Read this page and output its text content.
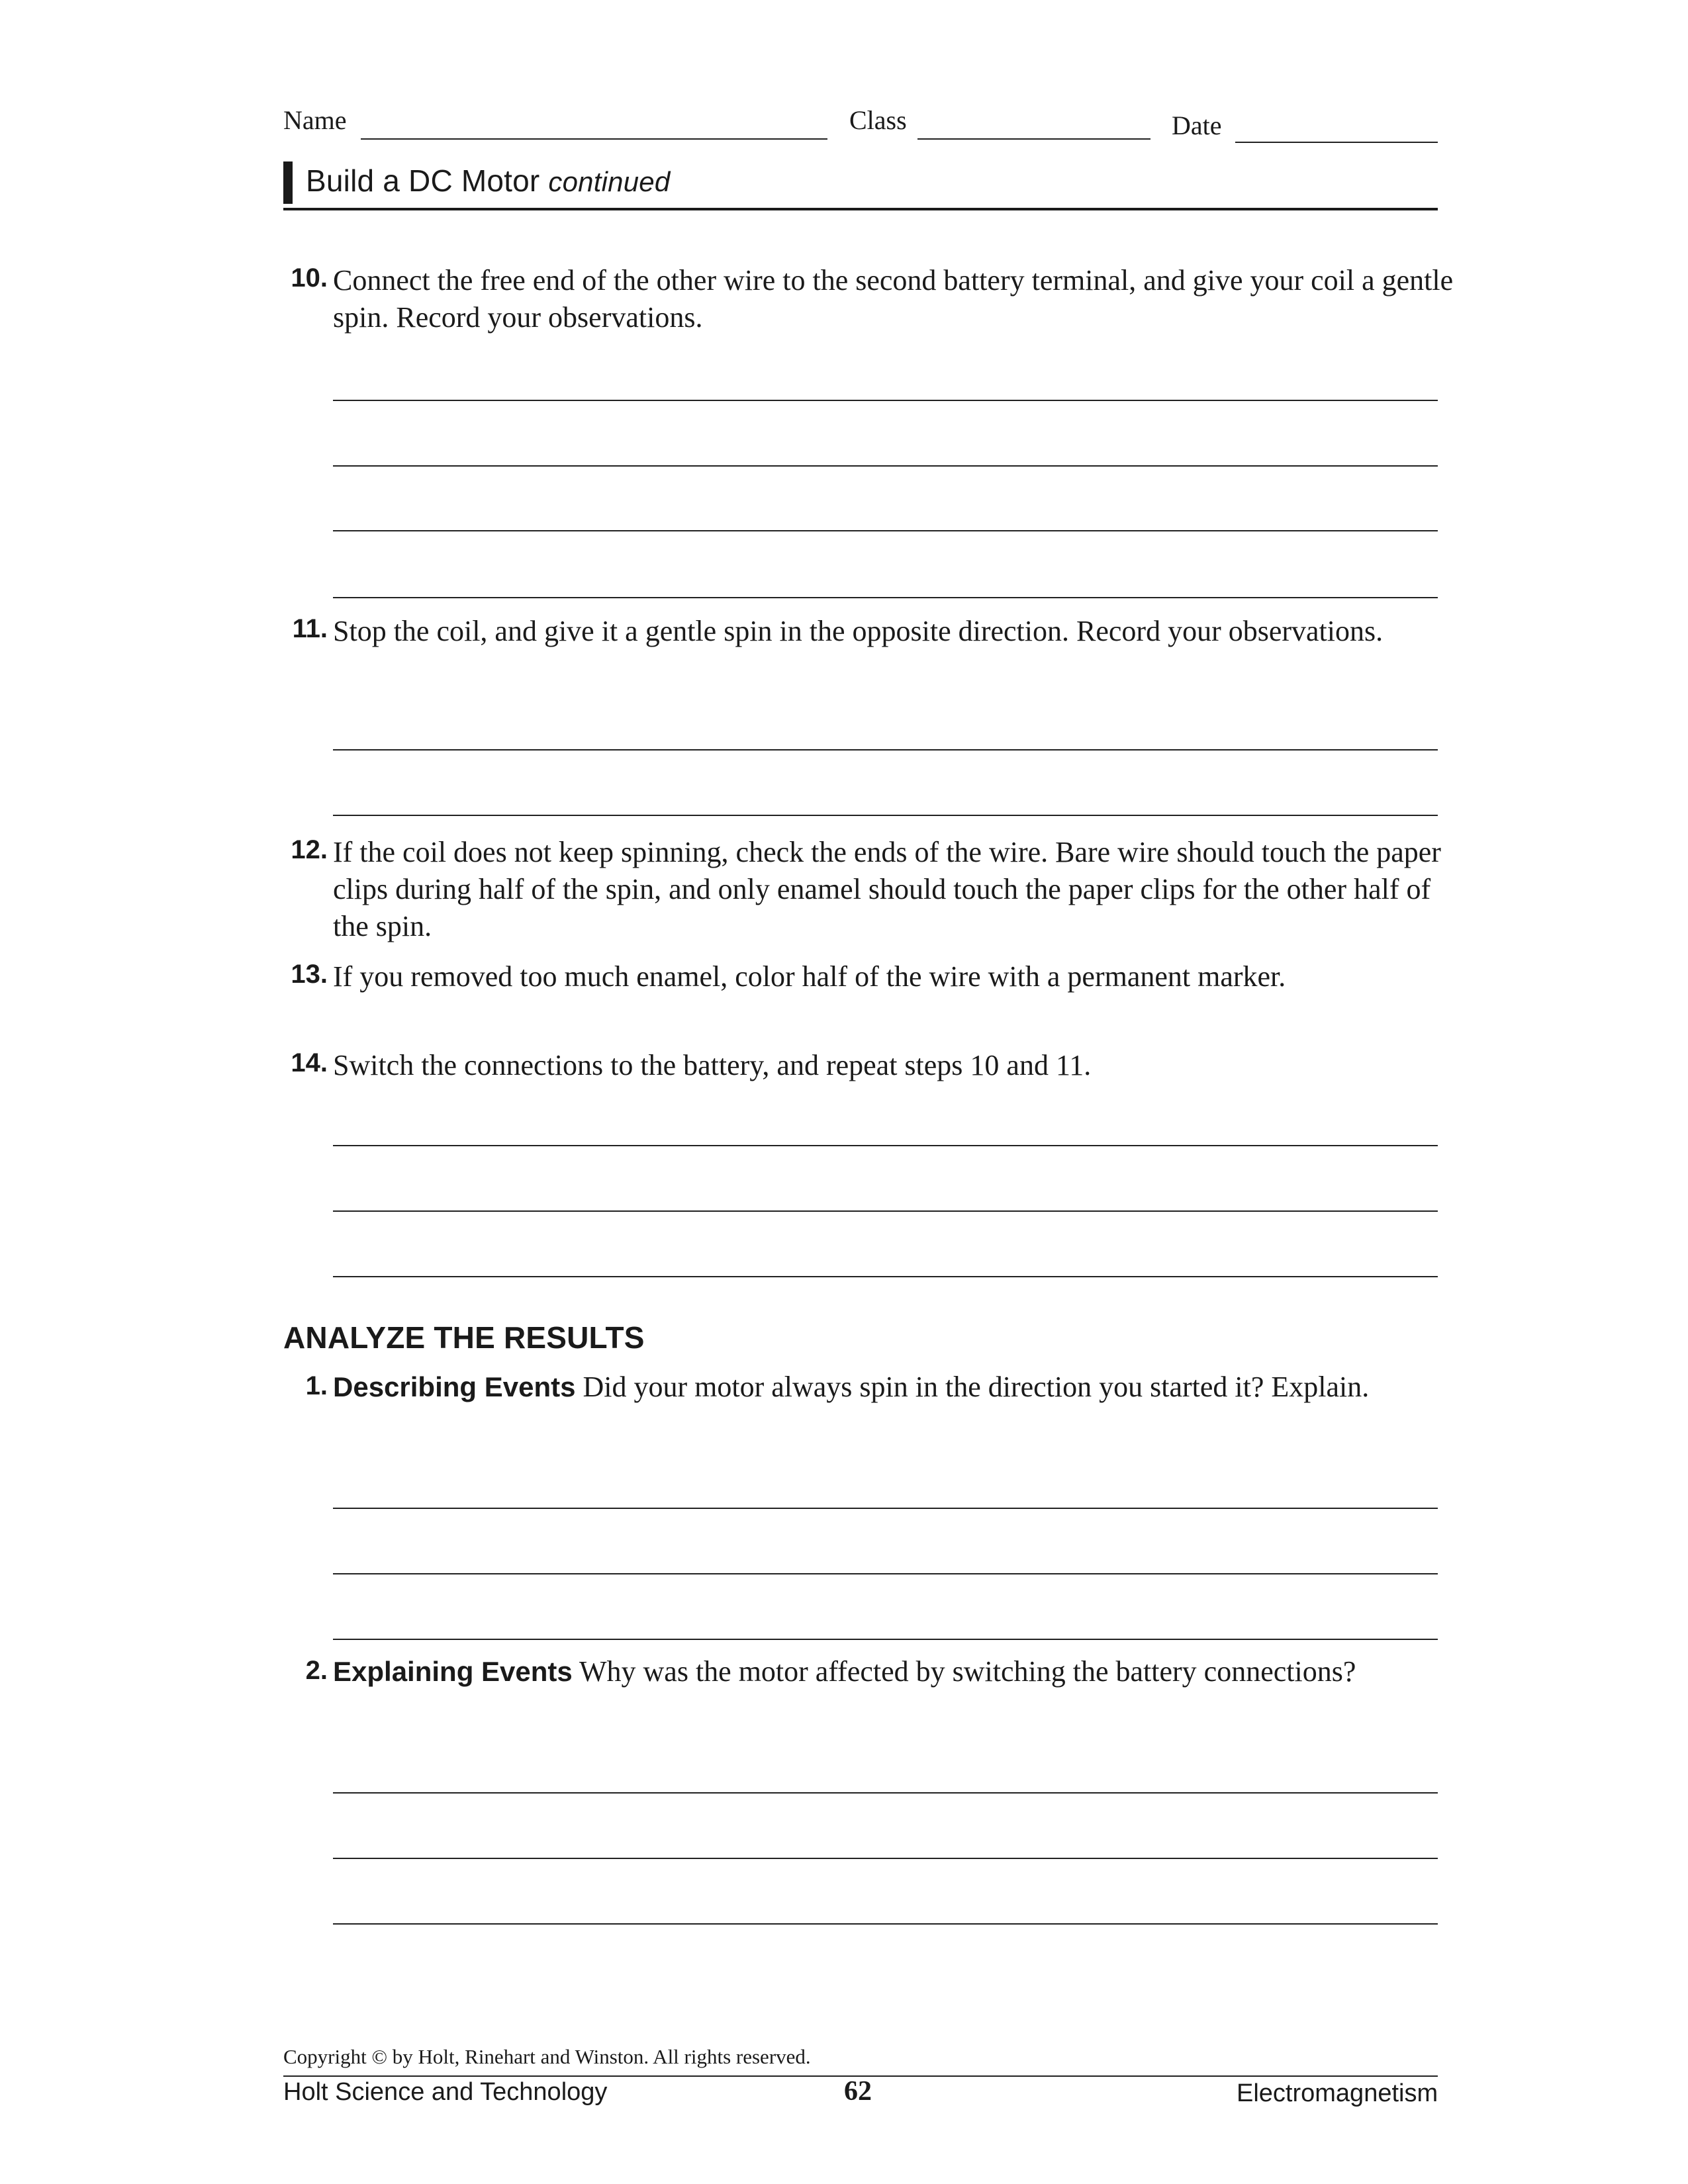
Name	Class	Date
Build a DC Motor continued
10. Connect the free end of the other wire to the second battery terminal, and give your coil a gentle spin. Record your observations.
11. Stop the coil, and give it a gentle spin in the opposite direction. Record your observations.
12. If the coil does not keep spinning, check the ends of the wire. Bare wire should touch the paper clips during half of the spin, and only enamel should touch the paper clips for the other half of the spin.
13. If you removed too much enamel, color half of the wire with a permanent marker.
14. Switch the connections to the battery, and repeat steps 10 and 11.
ANALYZE THE RESULTS
1. Describing Events Did your motor always spin in the direction you started it? Explain.
2. Explaining Events Why was the motor affected by switching the battery connections?
Copyright © by Holt, Rinehart and Winston. All rights reserved.
Holt Science and Technology	62	Electromagnetism
